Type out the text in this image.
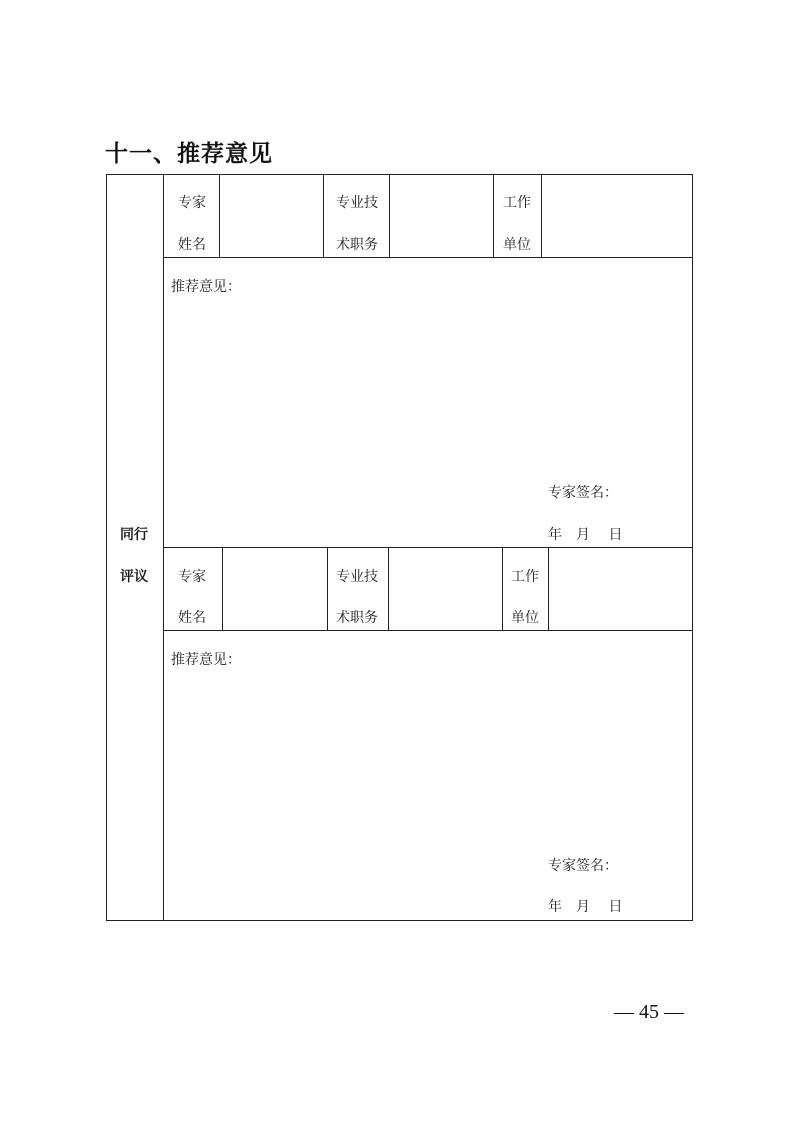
十一、推荐意见
同行
评议
专家
姓名
专业技
术职务
工作
单位
推荐意见：
专家签名：
年　月　 日
专家
姓名
专业技
术职务
工作
单位
推荐意见：
专家签名：
年　月　 日
— 45 —
